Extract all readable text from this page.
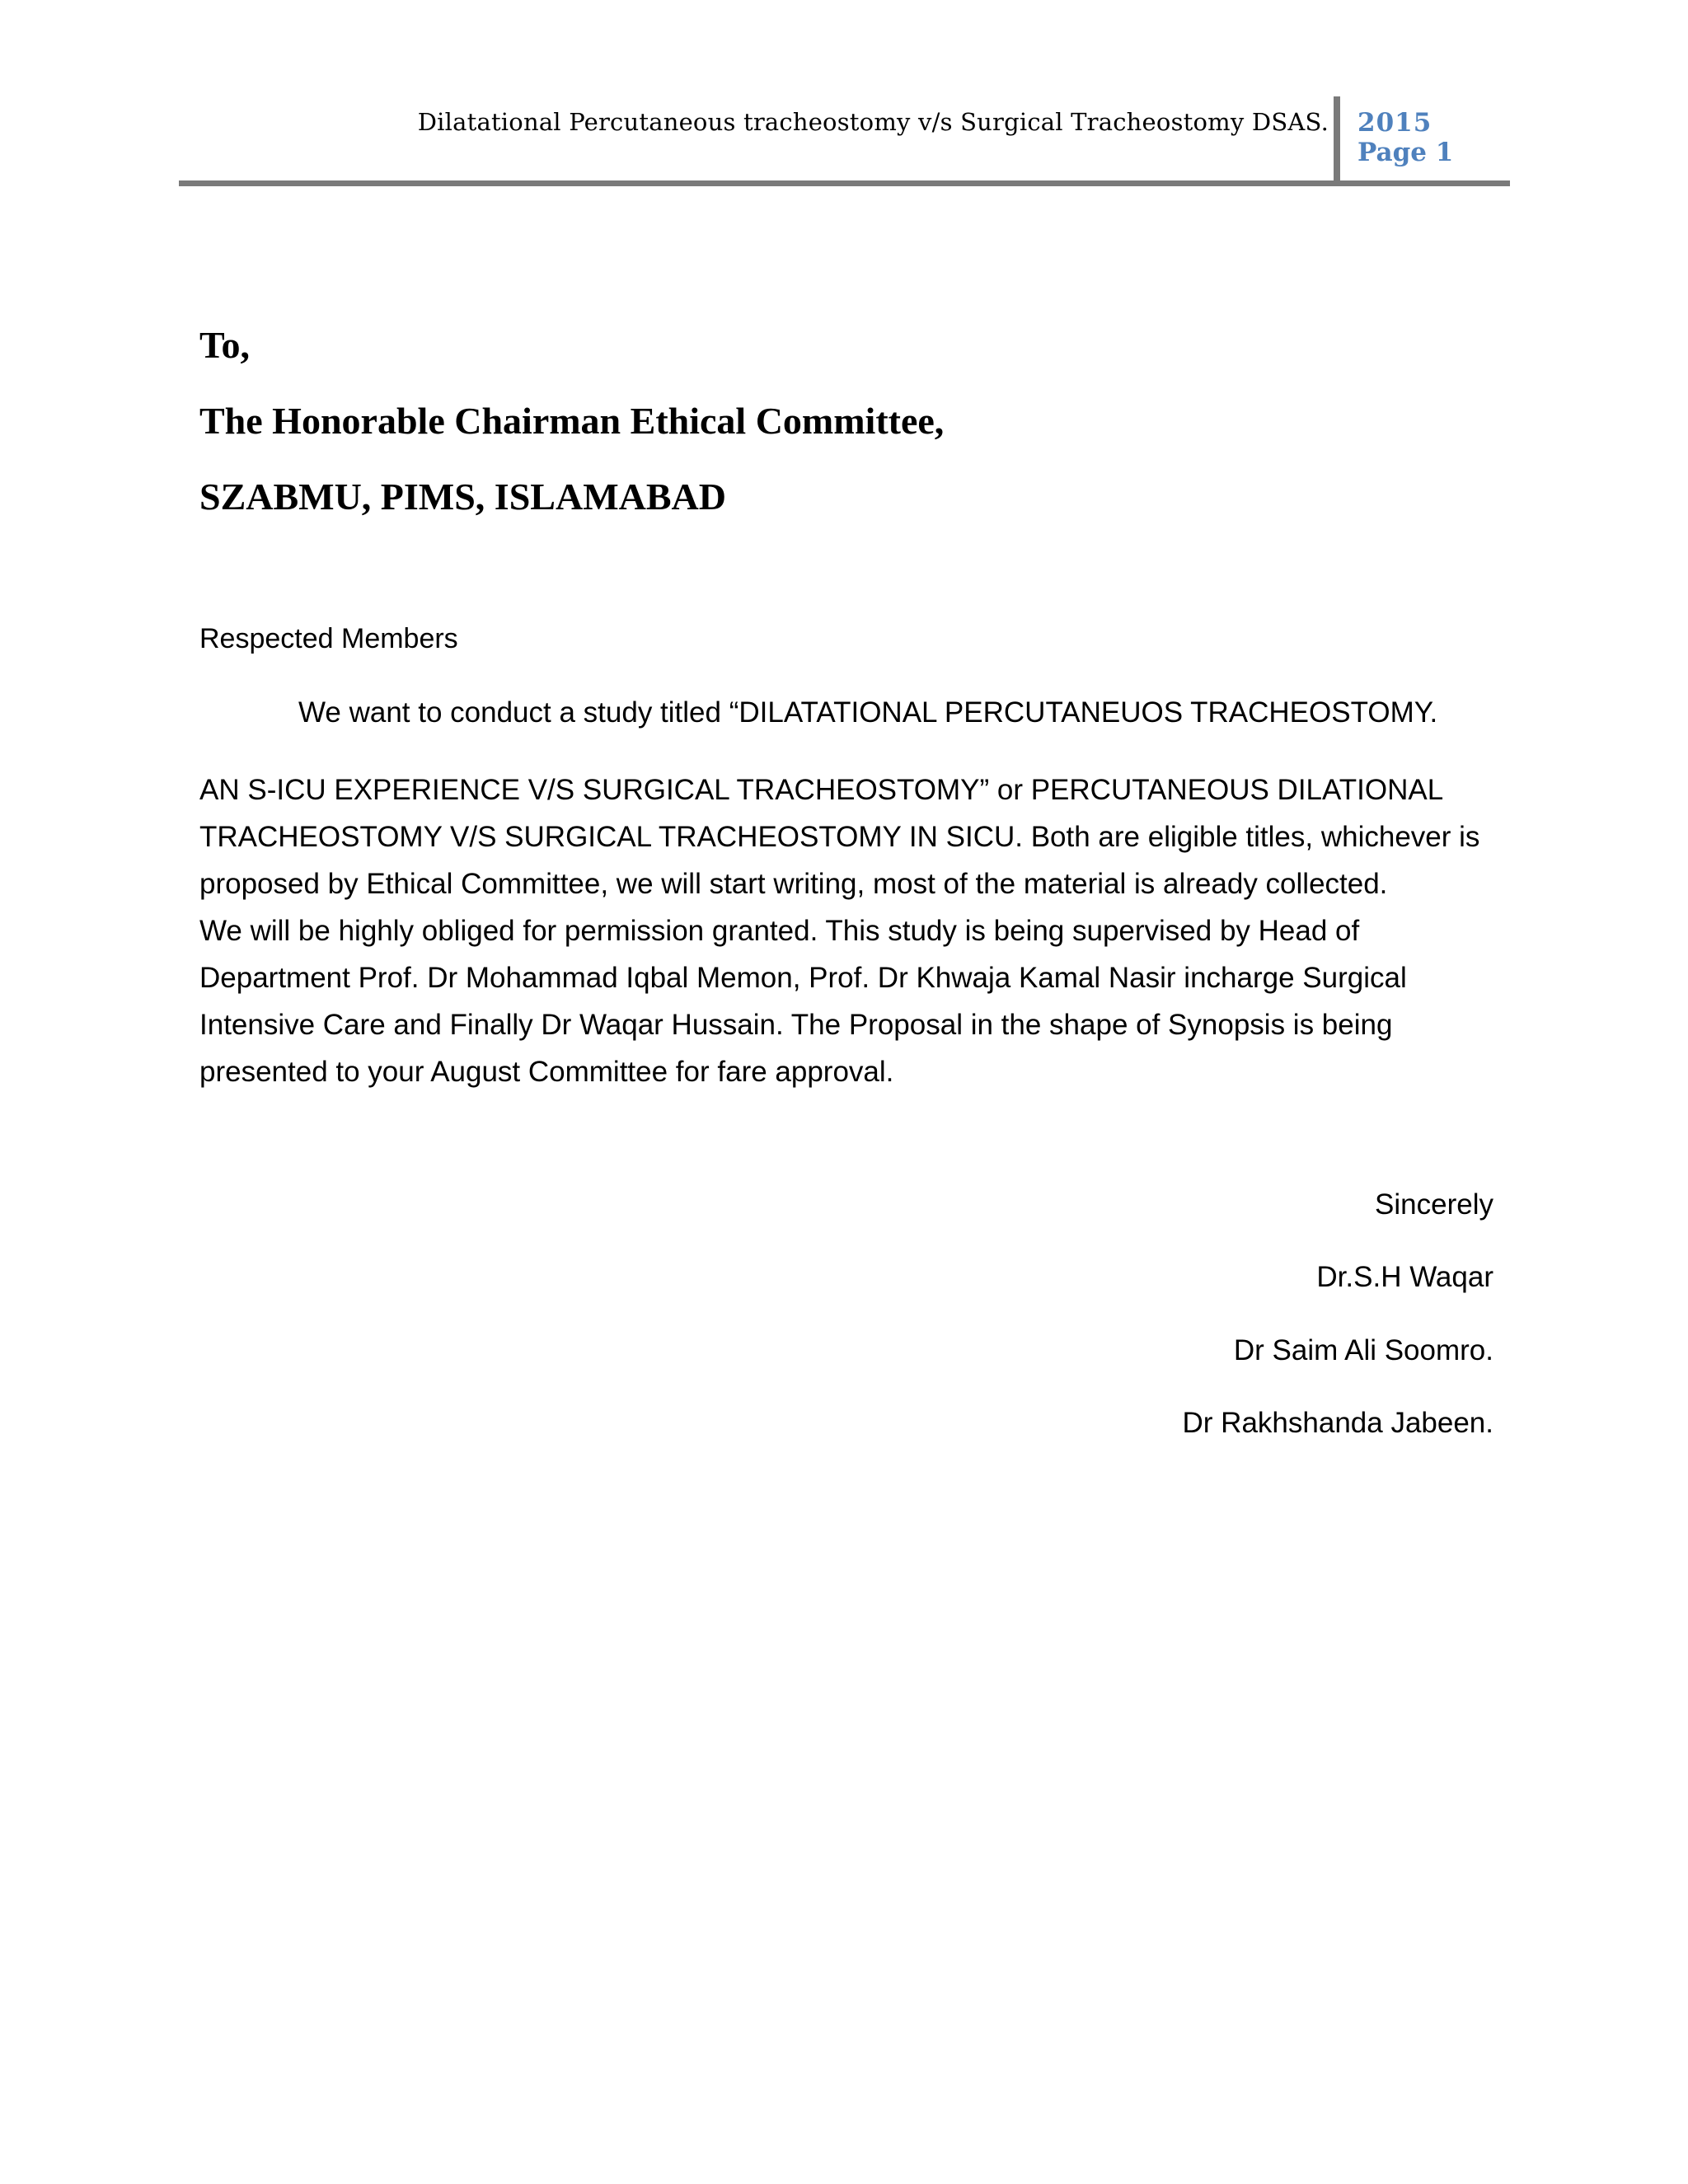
Dilatational Percutaneous tracheostomy v/s Surgical Tracheostomy DSAS. 2015
Page 1
To,
The Honorable Chairman Ethical Committee,
SZABMU, PIMS, ISLAMABAD
Respected Members
We want to conduct a study titled “DILATATIONAL PERCUTANEUOS TRACHEOSTOMY.
AN S-ICU EXPERIENCE V/S SURGICAL TRACHEOSTOMY” or PERCUTANEOUS DILATIONAL
TRACHEOSTOMY V/S SURGICAL TRACHEOSTOMY IN SICU. Both are eligible titles, whichever is
proposed by Ethical Committee, we will start writing, most of the material is already collected.
We will be highly obliged for permission granted. This study is being supervised by Head of
Department Prof. Dr Mohammad Iqbal Memon, Prof. Dr Khwaja Kamal Nasir incharge Surgical
Intensive Care and Finally Dr Waqar Hussain. The Proposal in the shape of Synopsis is being
presented to your August Committee for fare approval.
Sincerely
Dr.S.H Waqar
Dr Saim Ali Soomro.
Dr Rakhshanda Jabeen.
